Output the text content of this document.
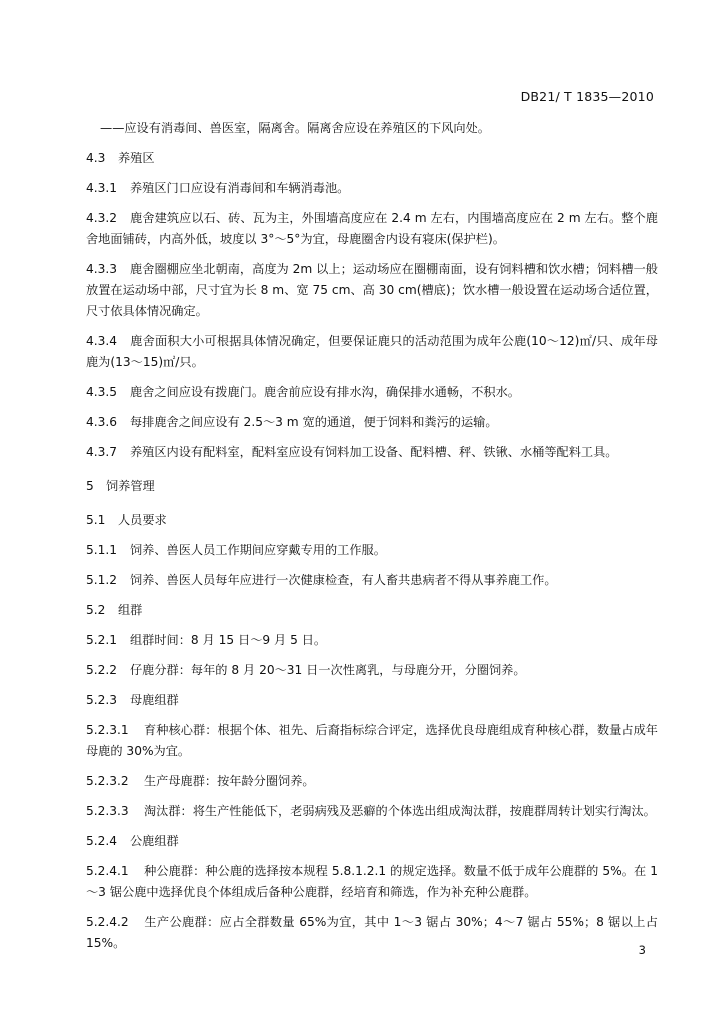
DB21/ T 1835—2010

——应设有消毒间、兽医室，隔离舍。隔离舍应设在养殖区的下风向处。

4.3 养殖区

4.3.1 养殖区门口应设有消毒间和车辆消毒池。

4.3.2 鹿舍建筑应以石、砖、瓦为主，外围墙高度应在 2.4 m 左右，内围墙高度应在 2 m 左右。整个鹿舍地面铺砖，内高外低，坡度以 3°～5°为宜，母鹿圈舍内设有寝床(保护栏)。

4.3.3 鹿舍圈棚应坐北朝南，高度为 2m 以上；运动场应在圈棚南面，设有饲料槽和饮水槽；饲料槽一般放置在运动场中部，尺寸宜为长 8 m、宽 75 cm、高 30 cm(槽底)；饮水槽一般设置在运动场合适位置，尺寸依具体情况确定。

4.3.4 鹿舍面积大小可根据具体情况确定，但要保证鹿只的活动范围为成年公鹿(10～12)㎡/只、成年母鹿为(13～15)㎡/只。

4.3.5 鹿舍之间应设有拨鹿门。鹿舍前应设有排水沟，确保排水通畅，不积水。

4.3.6 每排鹿舍之间应设有 2.5～3 m 宽的通道，便于饲料和粪污的运输。

4.3.7 养殖区内设有配料室，配料室应设有饲料加工设备、配料槽、秤、铁锹、水桶等配料工具。

5 饲养管理

5.1 人员要求

5.1.1 饲养、兽医人员工作期间应穿戴专用的工作服。

5.1.2 饲养、兽医人员每年应进行一次健康检查，有人畜共患病者不得从事养鹿工作。

5.2 组群

5.2.1 组群时间：8 月 15 日～9 月 5 日。

5.2.2 仔鹿分群：每年的 8 月 20～31 日一次性离乳，与母鹿分开，分圈饲养。

5.2.3 母鹿组群

5.2.3.1 育种核心群：根据个体、祖先、后裔指标综合评定，选择优良母鹿组成育种核心群，数量占成年母鹿的 30%为宜。

5.2.3.2 生产母鹿群：按年龄分圈饲养。

5.2.3.3 淘汰群：将生产性能低下，老弱病残及恶癖的个体选出组成淘汰群，按鹿群周转计划实行淘汰。

5.2.4 公鹿组群

5.2.4.1 种公鹿群：种公鹿的选择按本规程 5.8.1.2.1 的规定选择。数量不低于成年公鹿群的 5%。在 1～3 锯公鹿中选择优良个体组成后备种公鹿群，经培育和筛选，作为补充种公鹿群。

5.2.4.2 生产公鹿群：应占全群数量 65%为宜，其中 1～3 锯占 30%；4～7 锯占 55%；8 锯以上占 15%。	3
